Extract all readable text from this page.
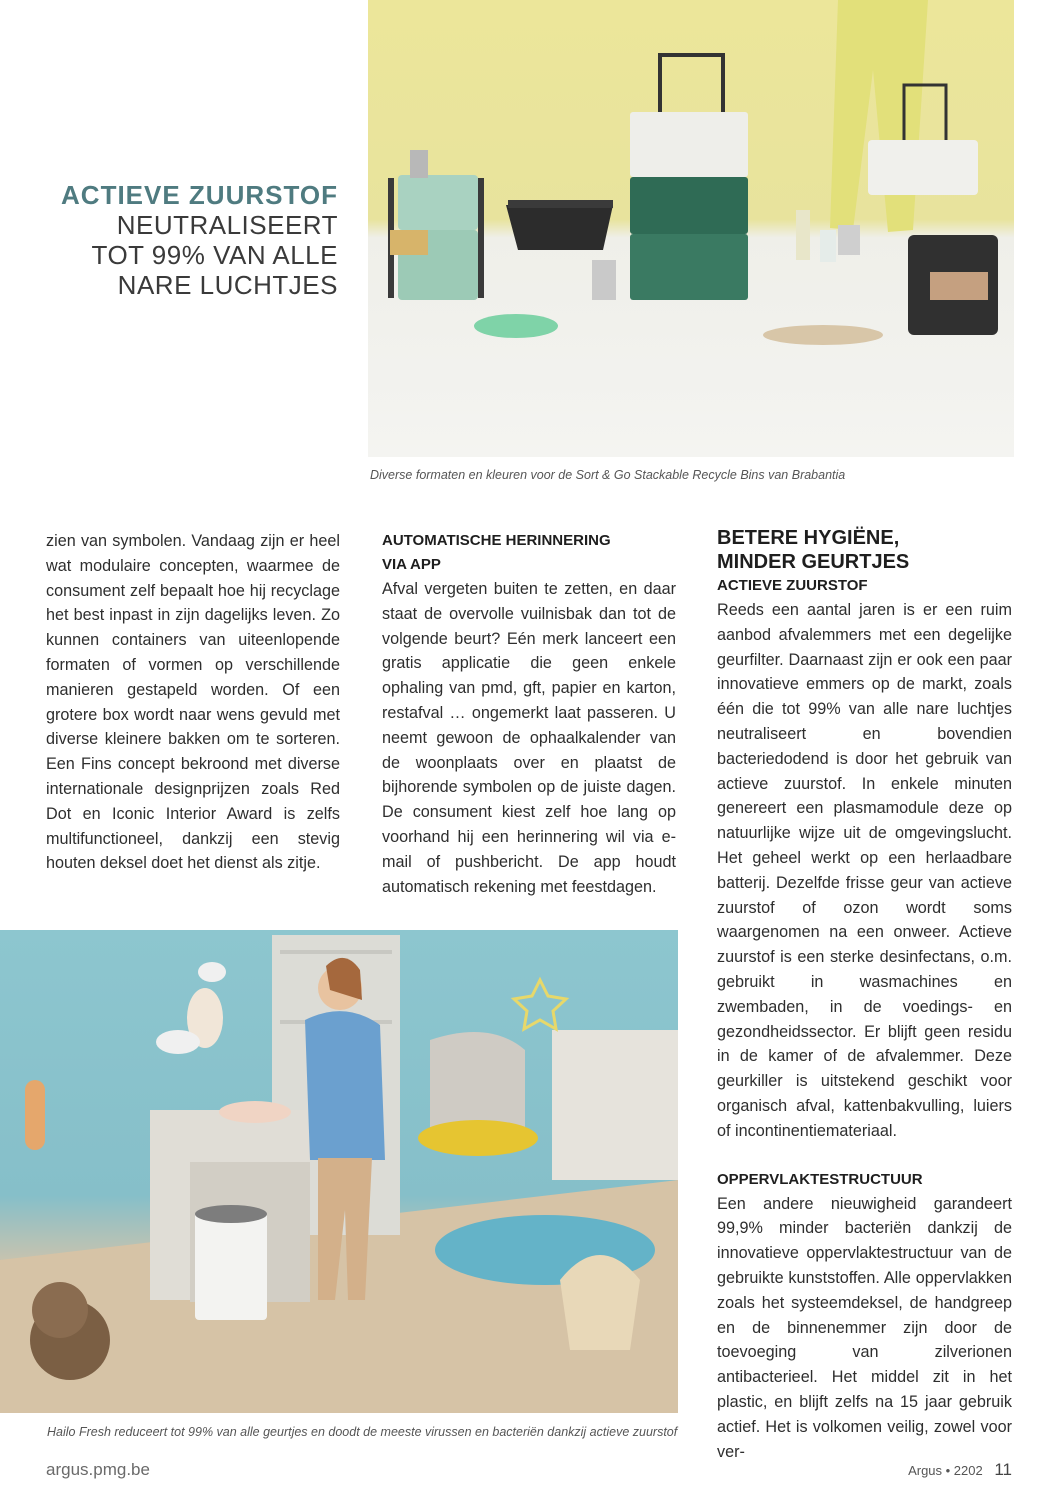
ACTIEVE ZUURSTOF
NEUTRALISEERT
TOT 99% VAN ALLE
NARE LUCHTJES
Diverse formaten en kleuren voor de Sort & Go Stackable Recycle Bins van Brabantia

zien van symbolen. Vandaag zijn er heel wat modulaire concepten, waarmee de consument zelf bepaalt hoe hij recyclage het best inpast in zijn dagelijks leven. Zo kunnen containers van uiteenlopende formaten of vormen op verschillende manieren gestapeld worden. Of een grotere box wordt naar wens gevuld met diverse kleinere bakken om te sorteren. Een Fins concept bekroond met diverse internationale designprijzen zoals Red Dot en Iconic Interior Award is zelfs multifunctioneel, dankzij een stevig houten deksel doet het dienst als zitje.

AUTOMATISCHE HERINNERING
VIA APP

Afval vergeten buiten te zetten, en daar staat de overvolle vuilnisbak dan tot de volgende beurt? Eén merk lanceert een gratis applicatie die geen enkele ophaling van pmd, gft, papier en karton, restafval … ongemerkt laat passeren. U neemt gewoon de ophaalkalender van de woonplaats over en plaatst de bijhorende symbolen op de juiste dagen. De consument kiest zelf hoe lang op voorhand hij een herinnering wil via e-mail of pushbericht. De app houdt automatisch rekening met feestdagen.

BETERE HYGIËNE,
MINDER GEURTJES
ACTIEVE ZUURSTOF

Reeds een aantal jaren is er een ruim aanbod afvalemmers met een degelijke geurfilter. Daarnaast zijn er ook een paar innovatieve emmers op de markt, zoals één die tot 99% van alle nare luchtjes neutraliseert en bovendien bacteriedodend is door het gebruik van actieve zuurstof. In enkele minuten genereert een plasmamodule deze op natuurlijke wijze uit de omgevingslucht. Het geheel werkt op een herlaadbare batterij. Dezelfde frisse geur van actieve zuurstof of ozon wordt soms waargenomen na een onweer. Actieve zuurstof is een sterke desinfectans, o.m. gebruikt in wasmachines en zwembaden, in de voedings- en gezondheidssector. Er blijft geen residu in de kamer of de afvalemmer. Deze geurkiller is uitstekend geschikt voor organisch afval, kattenbakvulling, luiers of incontinentiemateriaal.

OPPERVLAKTESTRUCTUUR

Een andere nieuwigheid garandeert 99,9% minder bacteriën dankzij de innovatieve oppervlaktestructuur van de gebruikte kunststoffen. Alle oppervlakken zoals het systeemdeksel, de handgreep en de binnenemmer zijn door de toevoeging van zilverionen antibacterieel. Het middel zit in het plastic, en blijft zelfs na 15 jaar gebruik actief. Het is volkomen veilig, zowel voor ver-

Hailo Fresh reduceert tot 99% van alle geurtjes en doodt de meeste virussen en bacteriën dankzij actieve zuurstof
argus.pmg.be	Argus • 2202 11
